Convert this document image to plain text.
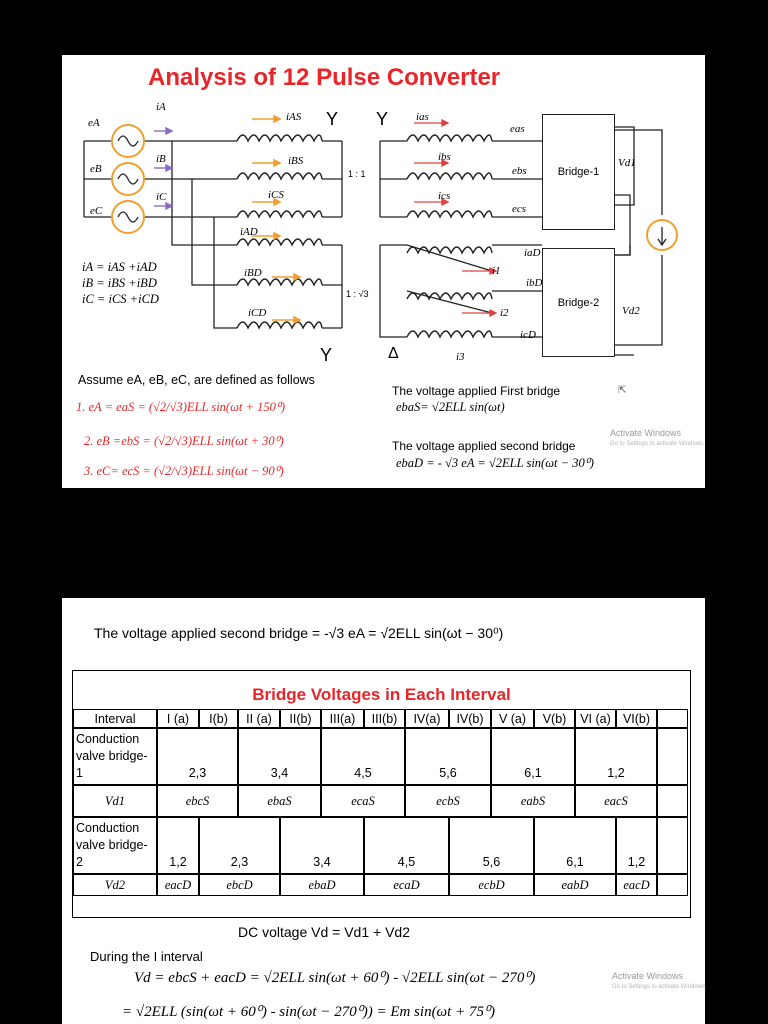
Analysis of 12 Pulse Converter
iA
eA
eB
eC
iB
iC
iAS
iBS
iCS
iAD
iBD
iCD
Y Y
Y	Δ
1 : 1
1 : √3
ias
ibs
ics
eas
ebs
ecs
iaD
ibD
icD
i1
i2
i3
Bridge-1
Bridge-2
Vd1
Vd2
iA = iAS +iAD
iB = iBS +iBD
iC = iCS +iCD
Assume eA, eB, eC, are defined as follows
1. eA = eaS = (√2/√3)ELL sin(ωt + 150⁰)
2. eB =ebS = (√2/√3)ELL sin(ωt + 30⁰)
3. eC= ecS = (√2/√3)ELL sin(ωt − 90⁰)
The voltage applied First bridge
ebaS= √2ELL sin(ωt)
The voltage applied second bridge
ebaD = - √3 eA = √2ELL sin(ωt − 30⁰)
Activate Windows
Go to Settings to activate Windows.
⇱
The voltage applied second bridge = -√3 eA = √2ELL sin(ωt − 30⁰)
Bridge Voltages in Each Interval
Interval	I (a)	I(b)	II (a)	II(b)	III(a)	III(b)	IV(a)	IV(b)	V (a)	V(b)	VI (a) VI(b)
Conduction valve bridge-1	2,3	3,4	4,5	5,6	6,1	1,2
Vd1	ebcS	ebaS	ecaS	ecbS	eabS	eacS
Conduction valve bridge-2	1,2	2,3	3,4	4,5	5,6	6,1	1,2
Vd2	eacD	ebcD	ebaD	ecaD	ecbD	eabD	eacD
DC voltage Vd = Vd1 + Vd2
During the I interval
Vd = ebcS + eacD = √2ELL sin(ωt + 60⁰) - √2ELL sin(ωt − 270⁰)
= √2ELL (sin(ωt + 60⁰) - sin(ωt − 270⁰)) = Em sin(ωt + 75⁰)
Activate Windows
Go to Settings to activate Windows.
